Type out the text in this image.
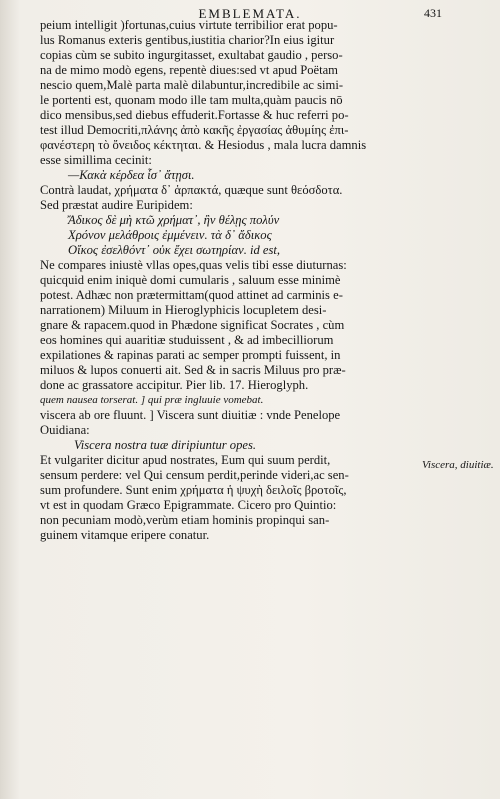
EMBLEMATA.	431
peium intelligit )fortunas,cuius virtute terribilior erat popu-
lus Romanus exteris gentibus,iustitia charior?In eius igitur
copias cùm se subito ingurgitasset, exultabat gaudio , perso-
na de mimo modò egens, repentè diues:sed vt apud Poëtam
nescio quem,Malè parta malè dilabuntur,incredibile ac simi-
le portenti est, quonam modo ille tam multa,quàm paucis nō
dico mensibus,sed diebus effuderit.Fortasse & huc referri po-
test illud Democriti,πλάνης ἀπὸ κακῆς ἐργασίας ἀθυμίης ἐπι-
φανέστερη τὸ ὄνειδος κέκτηται. & Hesiodus , mala lucra damnis
esse simillima cecinit:
—Κακὰ κέρδεα ἶσ᾽ ἄτῃσι.
Contrà laudat, χρήματα δ᾽ ἁρπακτά, quæque sunt θεόσδοτα.
Sed præstat audire Euripidem:
Ἄδικος δὲ μὴ κτῶ χρήματ᾽, ἢν θέλῃς πολύν
Χρόνον μελάθροις ἐμμένειν. τὰ δ᾽ ἄδικος
Οἴκος ἐσελθόντ᾽ οὐκ ἔχει σωτηρίαν. id est,
Ne compares iniustè vllas opes,quas velis tibi esse diuturnas:
quicquid enim iniquè domi cumularis , saluum esse minimè
potest. Adhæc non prætermittam(quod attinet ad carminis e-
narrationem) Miluum in Hieroglyphicis locupletem desi-
gnare & rapacem.quod in Phædone significat Socrates , cùm
eos homines qui auaritiæ studuissent , & ad imbecilliorum
expilationes & rapinas parati ac semper prompti fuissent, in
miluos & lupos conuerti ait. Sed & in sacris Miluus pro præ-
done ac grassatore accipitur. Pier lib. 17. Hieroglyph.
quem nausea torserat. ] qui præ ingluuie vomebat.
viscera ab ore fluunt. ] Viscera sunt diuitiæ : vnde Penelope
Ouidiana:
Viscera nostra tuæ diripiuntur opes.
Et vulgariter dicitur apud nostrates, Eum qui suum perdit,
sensum perdere: vel Qui censum perdit,perinde videri,ac sen-
sum profundere. Sunt enim χρήματα ἡ ψυχὴ δειλοῖς βροτοῖς,
vt est in quodam Græco Epigrammate. Cicero pro Quintio:
non pecuniam modò,verùm etiam hominis propinqui san-
guinem vitamque eripere conatur.
Viscera, diuitiæ.
